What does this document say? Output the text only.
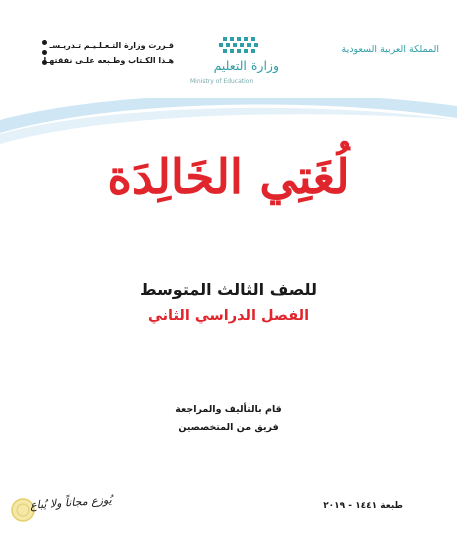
المملكة العربية السعودية
وزارة التعليم
Ministry of Education
قـررت وزارة التـعـلـيـم تـدريـسـ
هـذا الكـتاب وطـبعه علـى نفقتهـا
لُغَتِي الخَالِدَة
للصف الثالث المتوسط
الفصل الدراسي الثاني
قام بالتأليف والمراجعة
فريق من المتخصصين
طبعة ١٤٤١ - ٢٠١٩
يُوزع مجاناً ولا يُباع
